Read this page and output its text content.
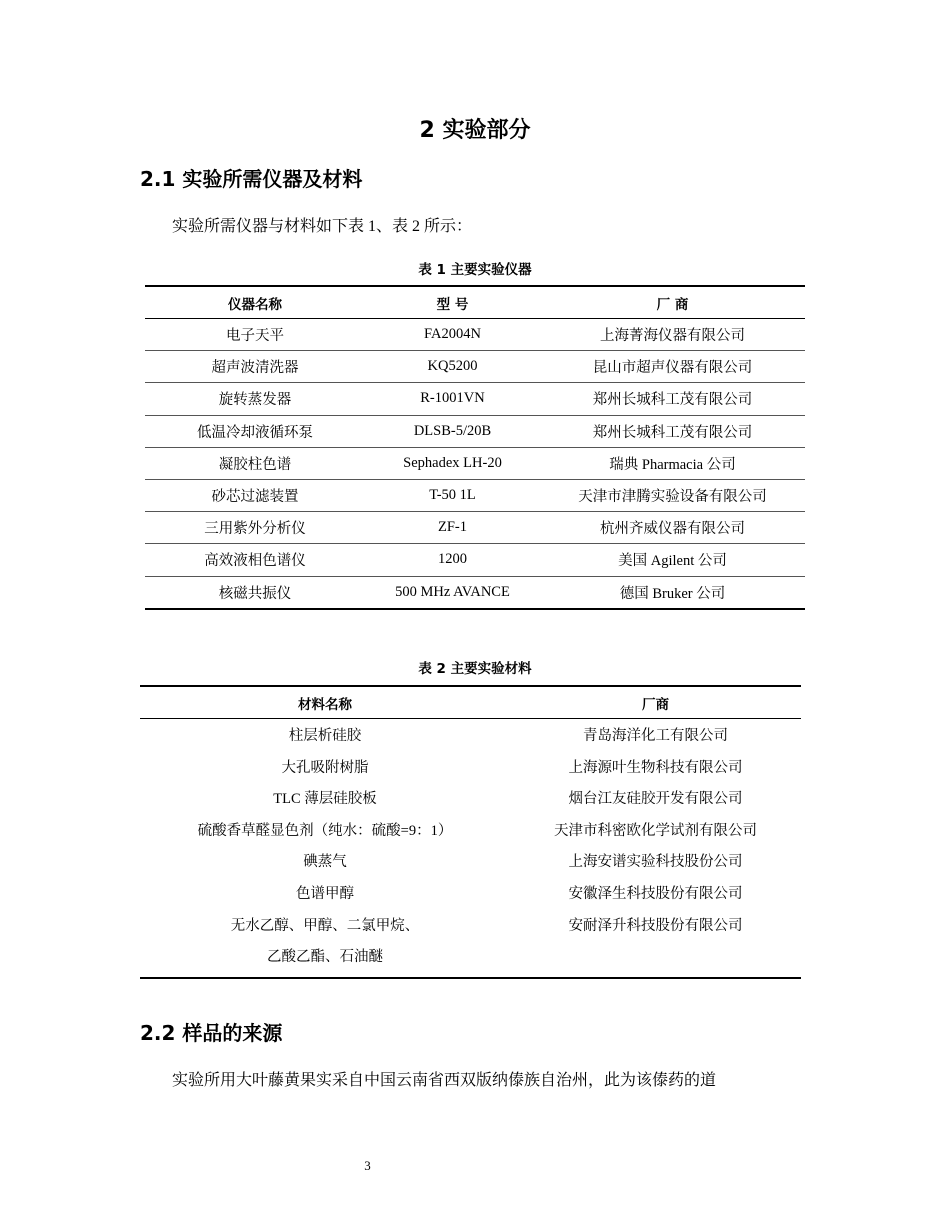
2 实验部分
2.1 实验所需仪器及材料
实验所需仪器与材料如下表 1、表 2 所示：
表 1 主要实验仪器
仪器名称	型 号	厂 商
电子天平	FA2004N	上海菁海仪器有限公司
超声波清洗器	KQ5200	昆山市超声仪器有限公司
旋转蒸发器	R-1001VN	郑州长城科工茂有限公司
低温冷却液循环泵	DLSB-5/20B	郑州长城科工茂有限公司
凝胶柱色谱	Sephadex LH-20	瑞典 Pharmacia 公司
砂芯过滤装置	T-50 1L	天津市津腾实验设备有限公司
三用紫外分析仪	ZF-1	杭州齐威仪器有限公司
高效液相色谱仪	1200	美国 Agilent 公司
核磁共振仪	500 MHz AVANCE	德国 Bruker 公司
表 2 主要实验材料
材料名称	厂商
柱层析硅胶	青岛海洋化工有限公司
大孔吸附树脂	上海源叶生物科技有限公司
TLC 薄层硅胶板	烟台江友硅胶开发有限公司
硫酸香草醛显色剂（纯水：硫酸=9：1）	天津市科密欧化学试剂有限公司
碘蒸气	上海安谱实验科技股份公司
色谱甲醇	安徽泽生科技股份有限公司

无水乙醇、甲醇、二氯甲烷、
乙酸乙酯、石油醚	安耐泽升科技股份有限公司
2.2 样品的来源
实验所用大叶藤黄果实采自中国云南省西双版纳傣族自治州，此为该傣药的道
3
